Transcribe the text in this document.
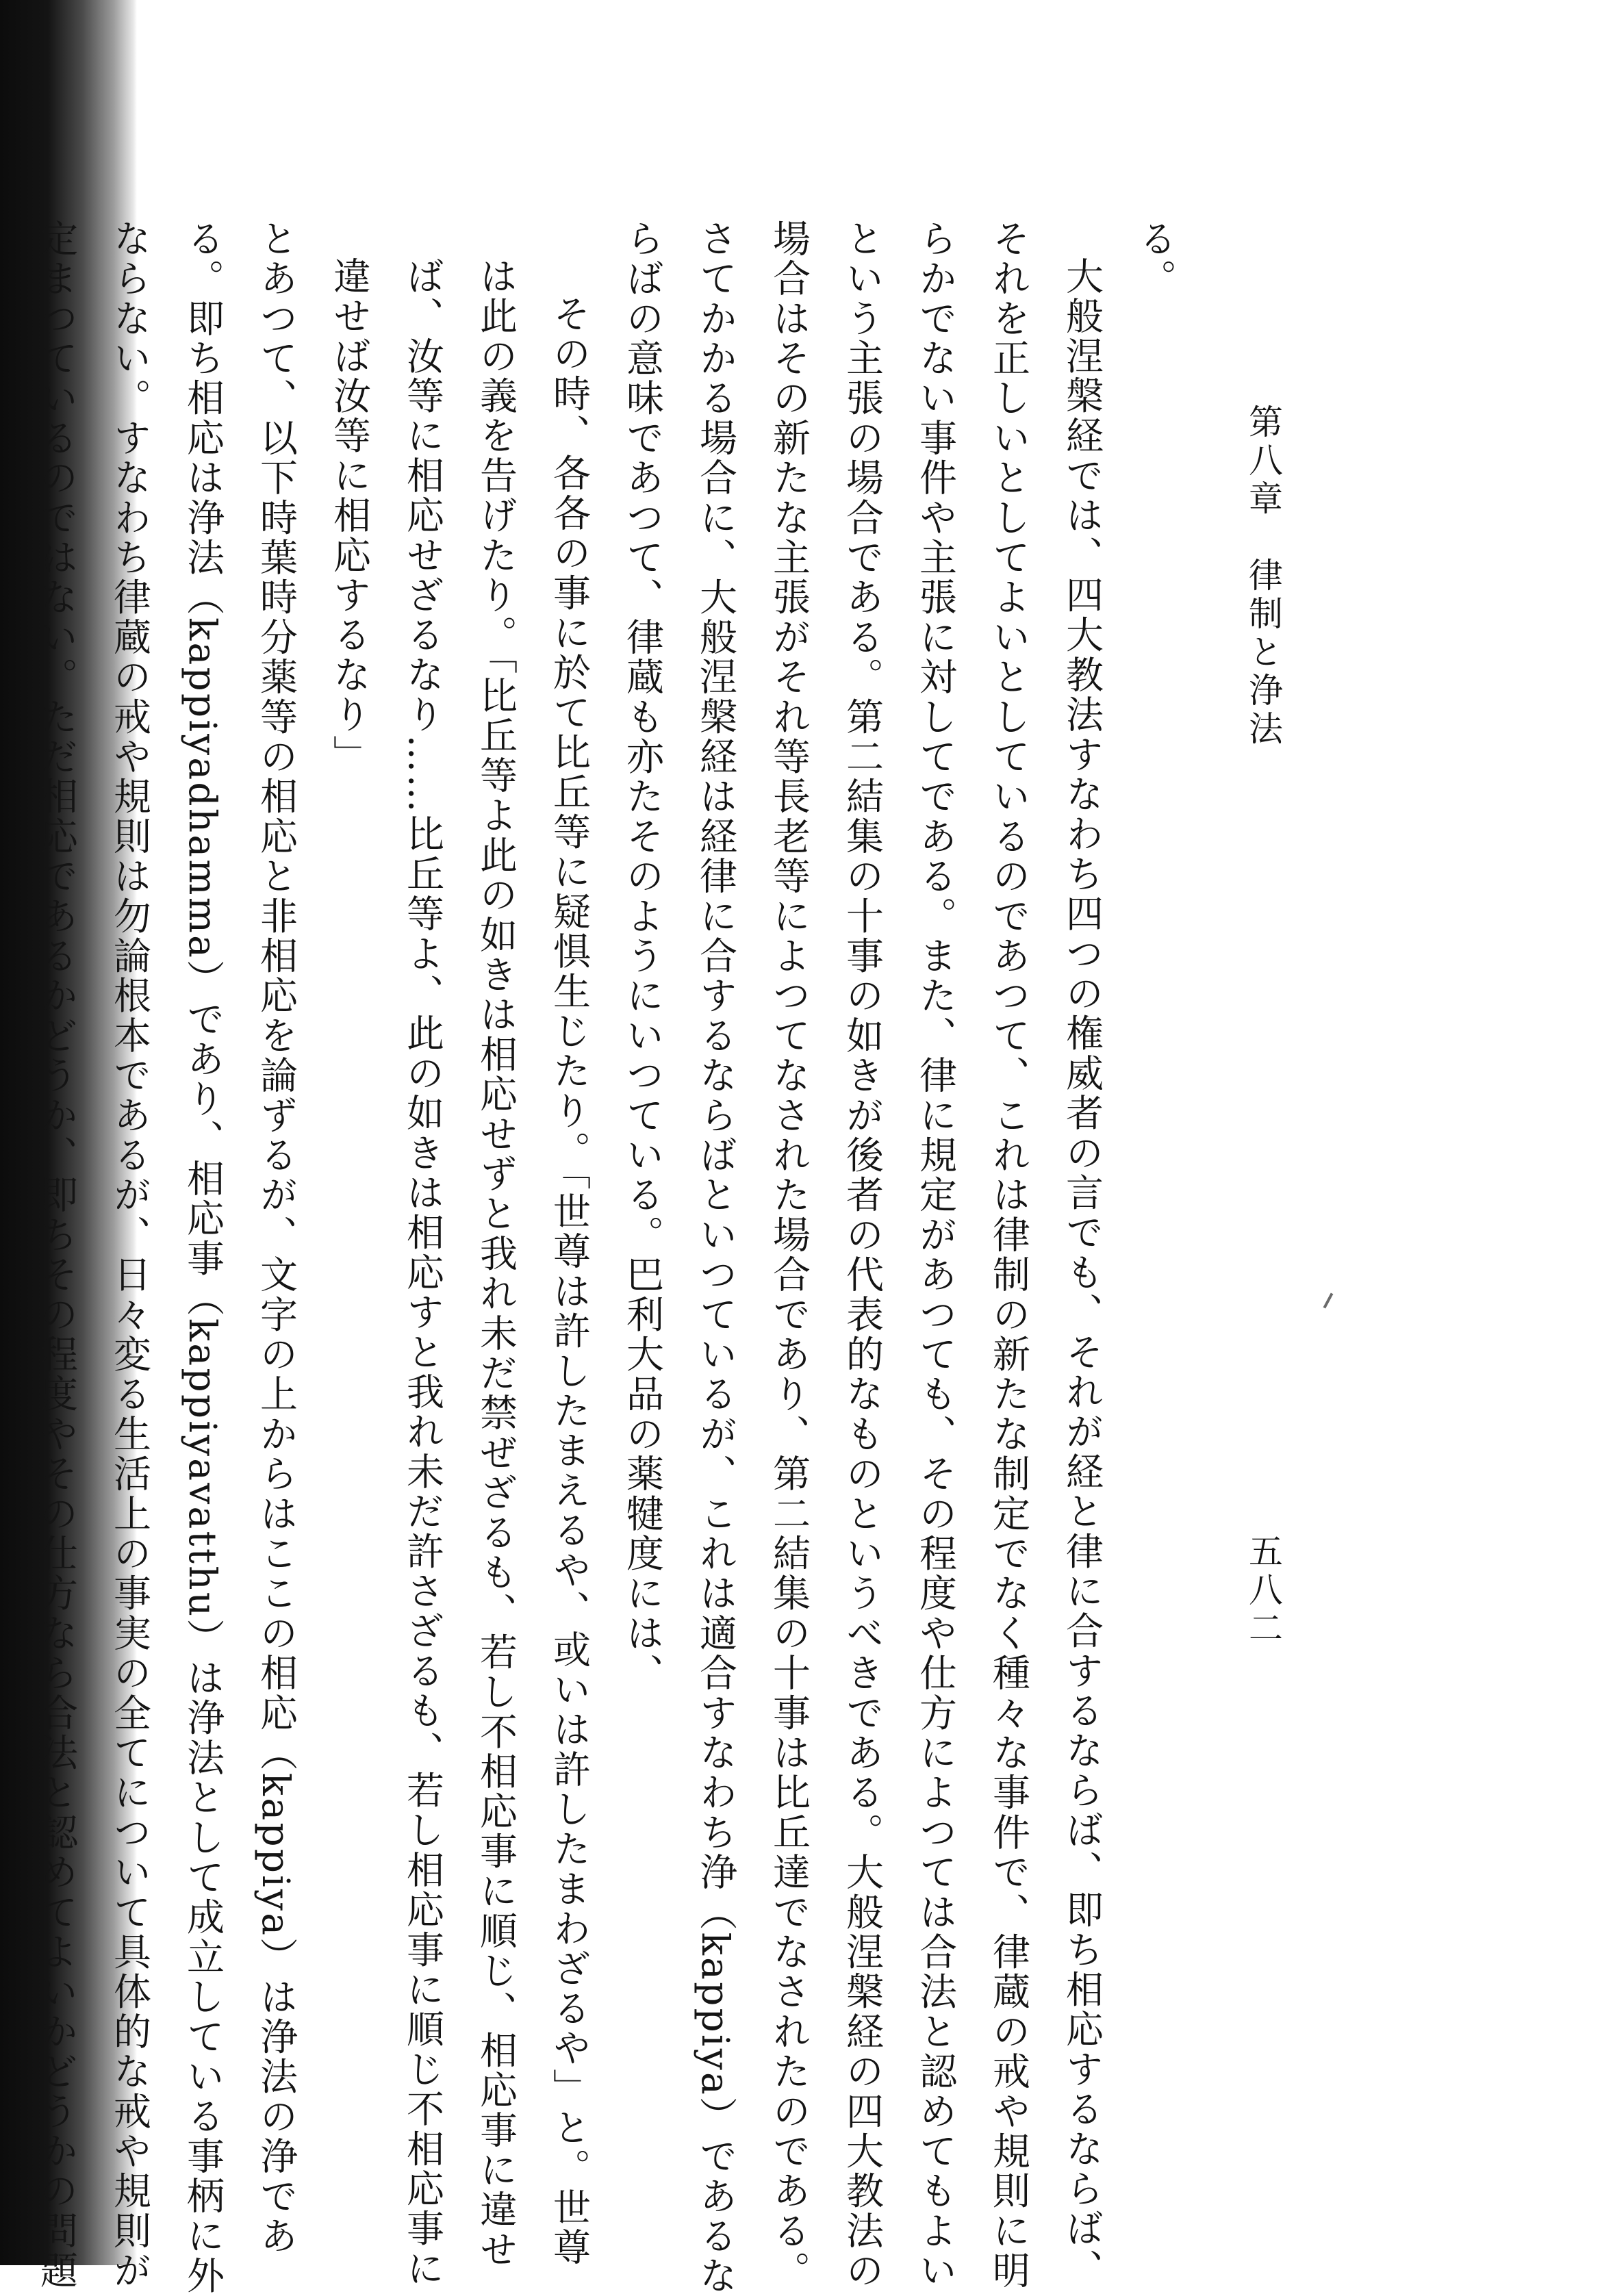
第八章　律制と浄法
五八二
る。
大般涅槃経では、四大教法すなわち四つの権威者の言でも、それが経と律に合するならば、即ち相応するならば、
それを正しいとしてよいとしているのであつて、これは律制の新たな制定でなく種々な事件で、律蔵の戒や規則に明
らかでない事件や主張に対してである。また、律に規定があつても、その程度や仕方によつては合法と認めてもよい
という主張の場合である。第二結集の十事の如きが後者の代表的なものというべきである。大般涅槃経の四大教法の
場合はその新たな主張がそれ等長老等によつてなされた場合であり、第二結集の十事は比丘達でなされたのである。
さてかかる場合に、大般涅槃経は経律に合するならばといつているが、これは適合すなわち浄（kappiya）であるな
らばの意味であつて、律蔵も亦たそのようにいつている。巴利大品の薬犍度には、
その時、各各の事に於て比丘等に疑惧生じたり。「世尊は許したまえるや、或いは許したまわざるや」と。世尊
は此の義を告げたり。「比丘等よ此の如きは相応せずと我れ未だ禁ぜざるも、若し不相応事に順じ、相応事に違せ
ば、汝等に相応せざるなり……比丘等よ、此の如きは相応すと我れ未だ許さざるも、若し相応事に順じ不相応事に
違せば汝等に相応するなり」
とあつて、以下時葉時分薬等の相応と非相応を論ずるが、文字の上からはここの相応（kappiya）は浄法の浄であ
る。即ち相応は浄法（kappiyadhamma）であり、相応事（kappiyavatthu）は浄法として成立している事柄に外
ならない。すなわち律蔵の戒や規則は勿論根本であるが、日々変る生活上の事実の全てについて具体的な戒や規則が
定まつているのではない。ただ相応であるかどうか、即ちその程度やその仕方なら合法と認めてよいかどうかの問題
